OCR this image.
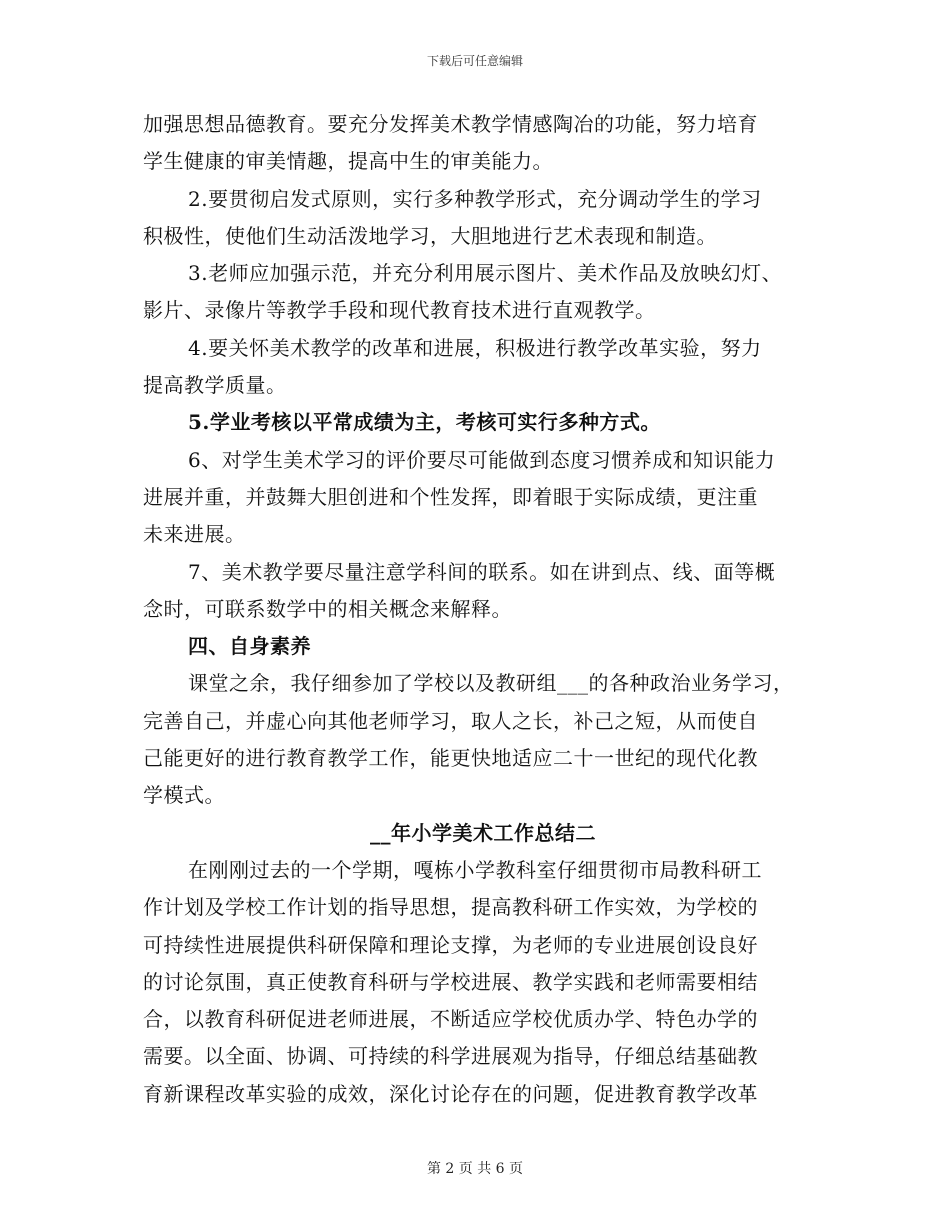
下载后可任意编辑
加强思想品德教育。要充分发挥美术教学情感陶冶的功能，努力培育
学生健康的审美情趣，提高中生的审美能力。
2.要贯彻启发式原则，实行多种教学形式，充分调动学生的学习
积极性，使他们生动活泼地学习，大胆地进行艺术表现和制造。
3.老师应加强示范，并充分利用展示图片、美术作品及放映幻灯、
影片、录像片等教学手段和现代教育技术进行直观教学。
4.要关怀美术教学的改革和进展，积极进行教学改革实验，努力
提高教学质量。
5.学业考核以平常成绩为主，考核可实行多种方式。
6、对学生美术学习的评价要尽可能做到态度习惯养成和知识能力
进展并重，并鼓舞大胆创进和个性发挥，即着眼于实际成绩，更注重
未来进展。
7、美术教学要尽量注意学科间的联系。如在讲到点、线、面等概
念时，可联系数学中的相关概念来解释。
四、自身素养
课堂之余，我仔细参加了学校以及教研组___的各种政治业务学习，
完善自己，并虚心向其他老师学习，取人之长，补己之短，从而使自
己能更好的进行教育教学工作，能更快地适应二十一世纪的现代化教
学模式。
__年小学美术工作总结二
在刚刚过去的一个学期，嘎栋小学教科室仔细贯彻市局教科研工
作计划及学校工作计划的指导思想，提高教科研工作实效，为学校的
可持续性进展提供科研保障和理论支撑，为老师的专业进展创设良好
的讨论氛围，真正使教育科研与学校进展、教学实践和老师需要相结
合，以教育科研促进老师进展，不断适应学校优质办学、特色办学的
需要。以全面、协调、可持续的科学进展观为指导，仔细总结基础教
育新课程改革实验的成效，深化讨论存在的问题，促进教育教学改革
第 2 页 共 6 页
